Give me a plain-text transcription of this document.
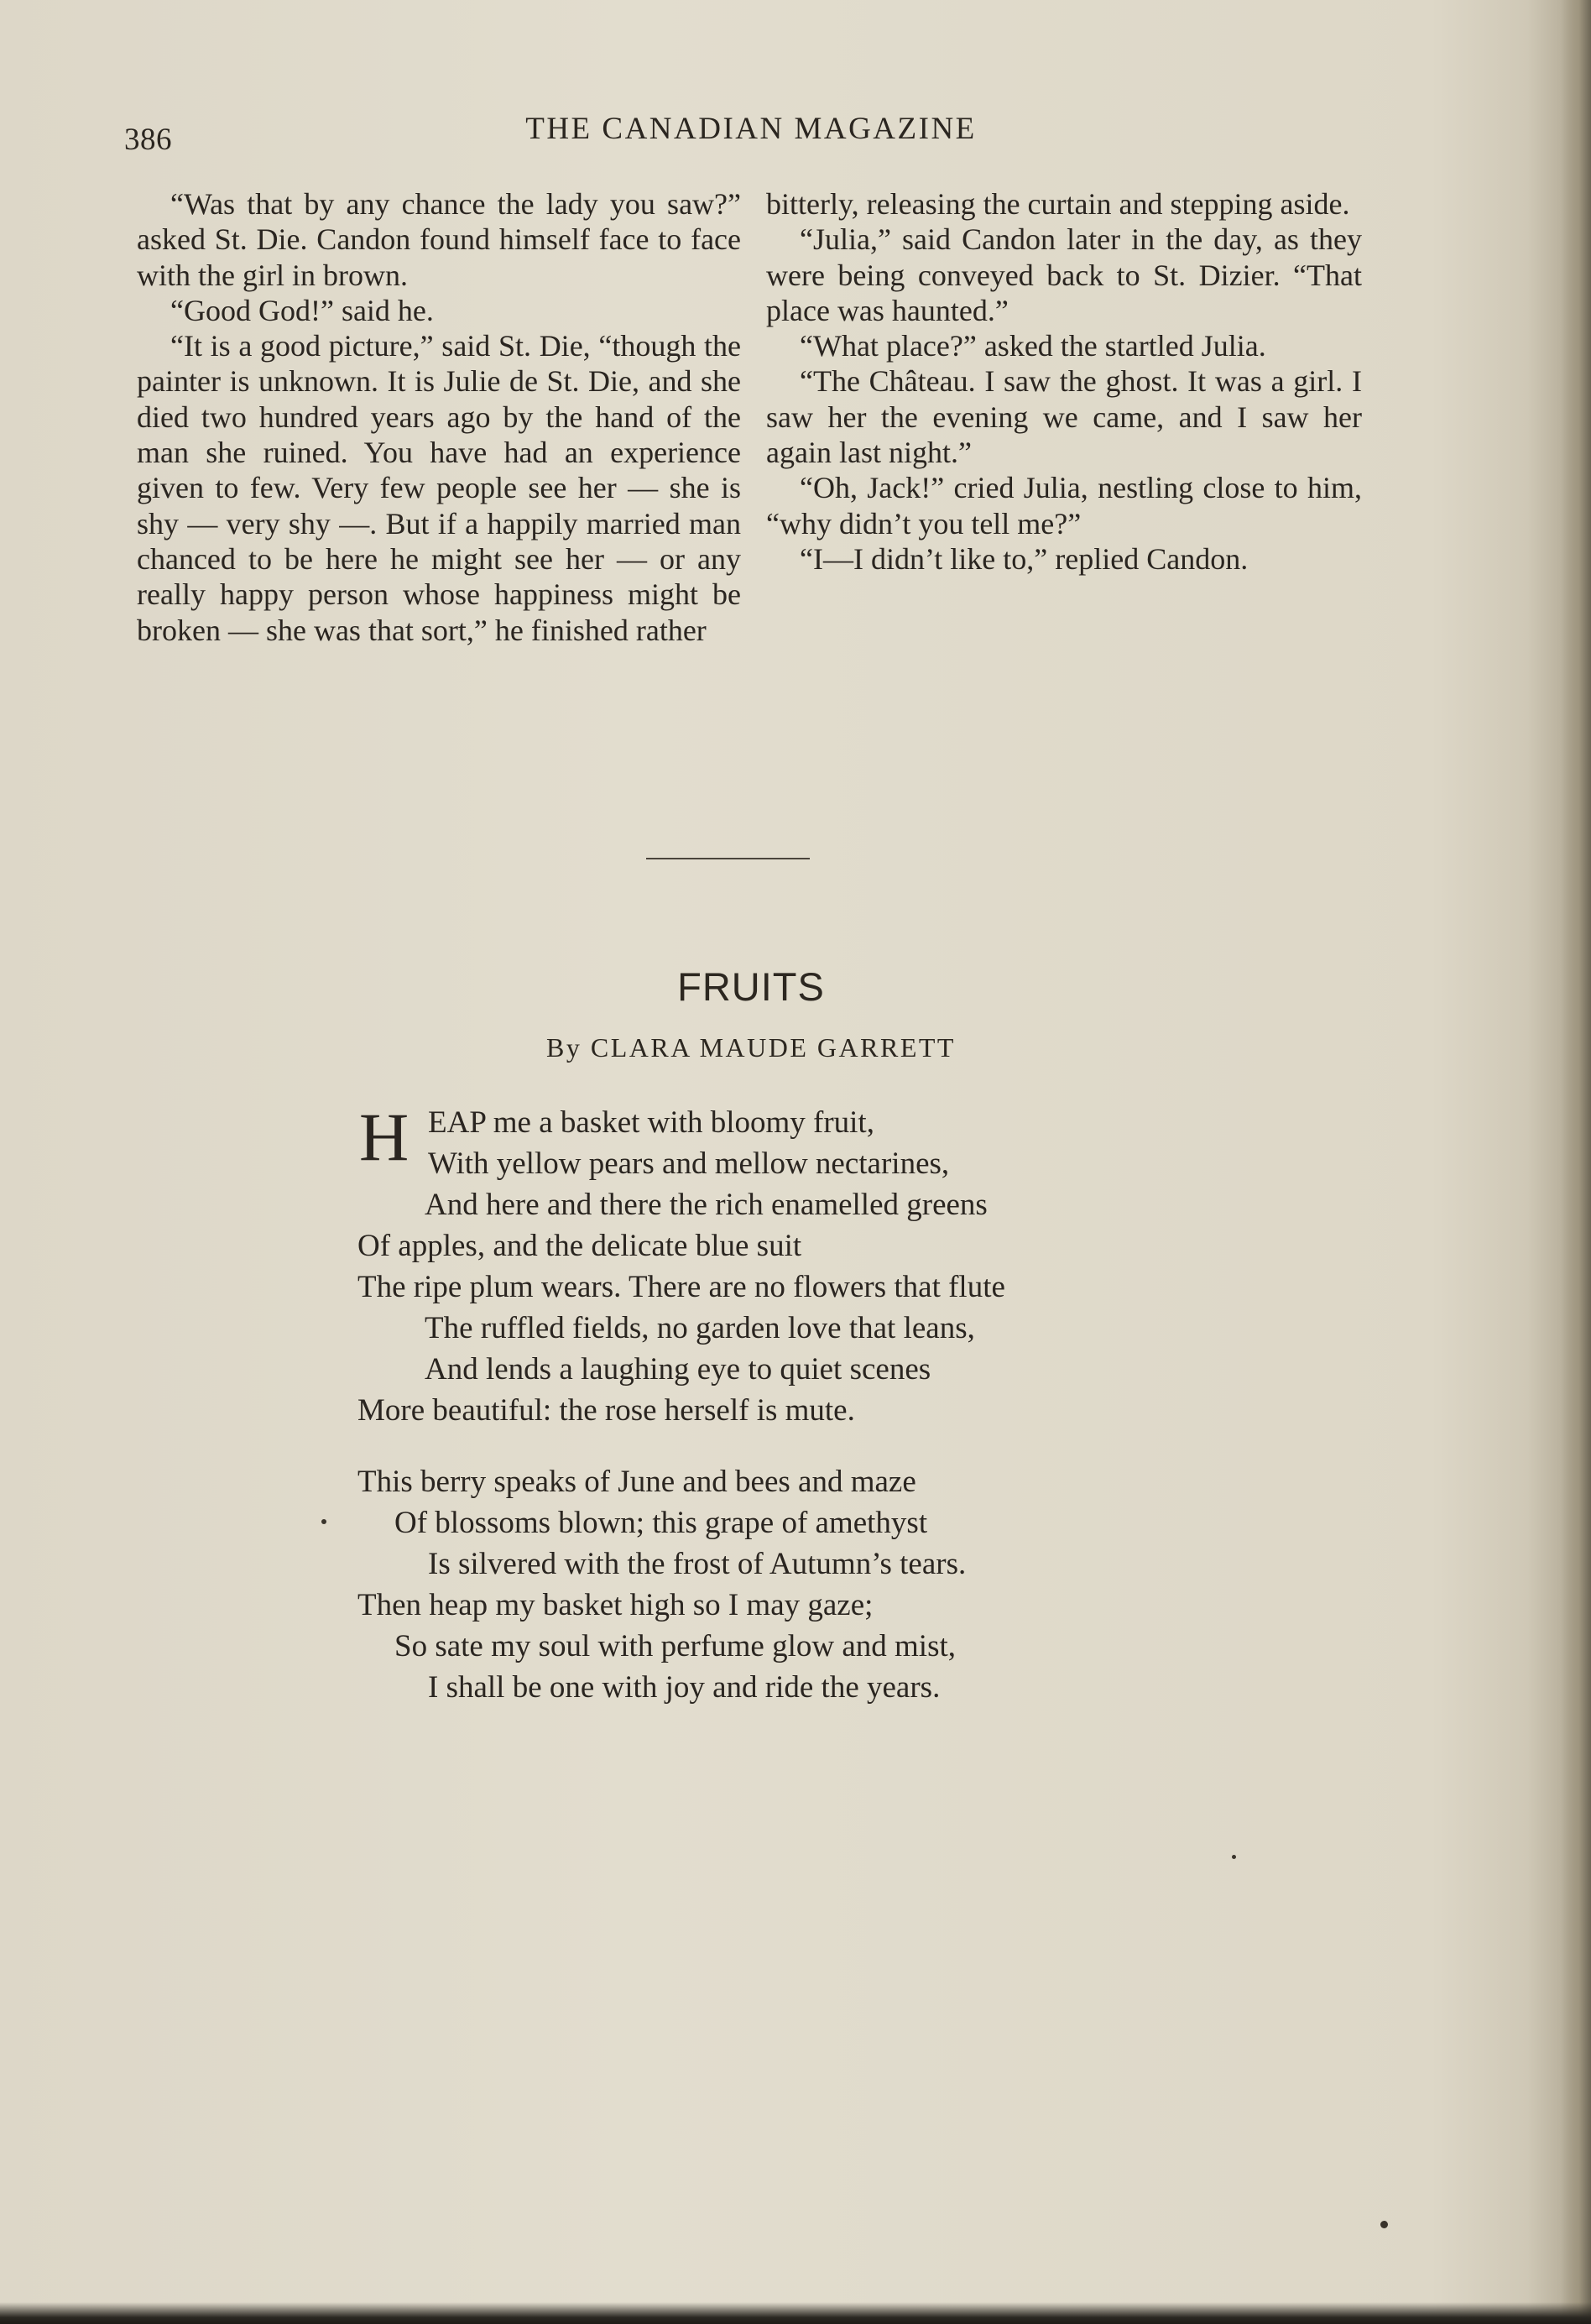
386	THE CANADIAN MAGAZINE

“Was that by any chance the lady you saw?” asked St. Die. Candon found himself face to face with the girl in brown.

“Good God!” said he.

“It is a good picture,” said St. Die, “though the painter is unknown. It is Julie de St. Die, and she died two hundred years ago by the hand of the man she ruined. You have had an experience given to few. Very few people see her — she is shy — very shy —. But if a happily married man chanced to be here he might see her — or any really happy person whose happiness might be broken — she was that sort,” he finished rather

bitterly, releasing the curtain and stepping aside.

“Julia,” said Candon later in the day, as they were being conveyed back to St. Dizier. “That place was haunted.”

“What place?” asked the startled Julia.

“The Château. I saw the ghost. It was a girl. I saw her the evening we came, and I saw her again last night.”

“Oh, Jack!” cried Julia, nestling close to him, “why didn’t you tell me?”

“I—I didn’t like to,” replied Candon.

FRUITS
By CLARA MAUDE GARRETT
H EAP me a basket with bloomy fruit,
With yellow pears and mellow nectarines,
And here and there the rich enamelled greens
Of apples, and the delicate blue suit
The ripe plum wears. There are no flowers that flute
The ruffled fields, no garden love that leans,
And lends a laughing eye to quiet scenes
More beautiful: the rose herself is mute.
This berry speaks of June and bees and maze
Of blossoms blown; this grape of amethyst
Is silvered with the frost of Autumn’s tears.
Then heap my basket high so I may gaze;
So sate my soul with perfume glow and mist,
I shall be one with joy and ride the years.
